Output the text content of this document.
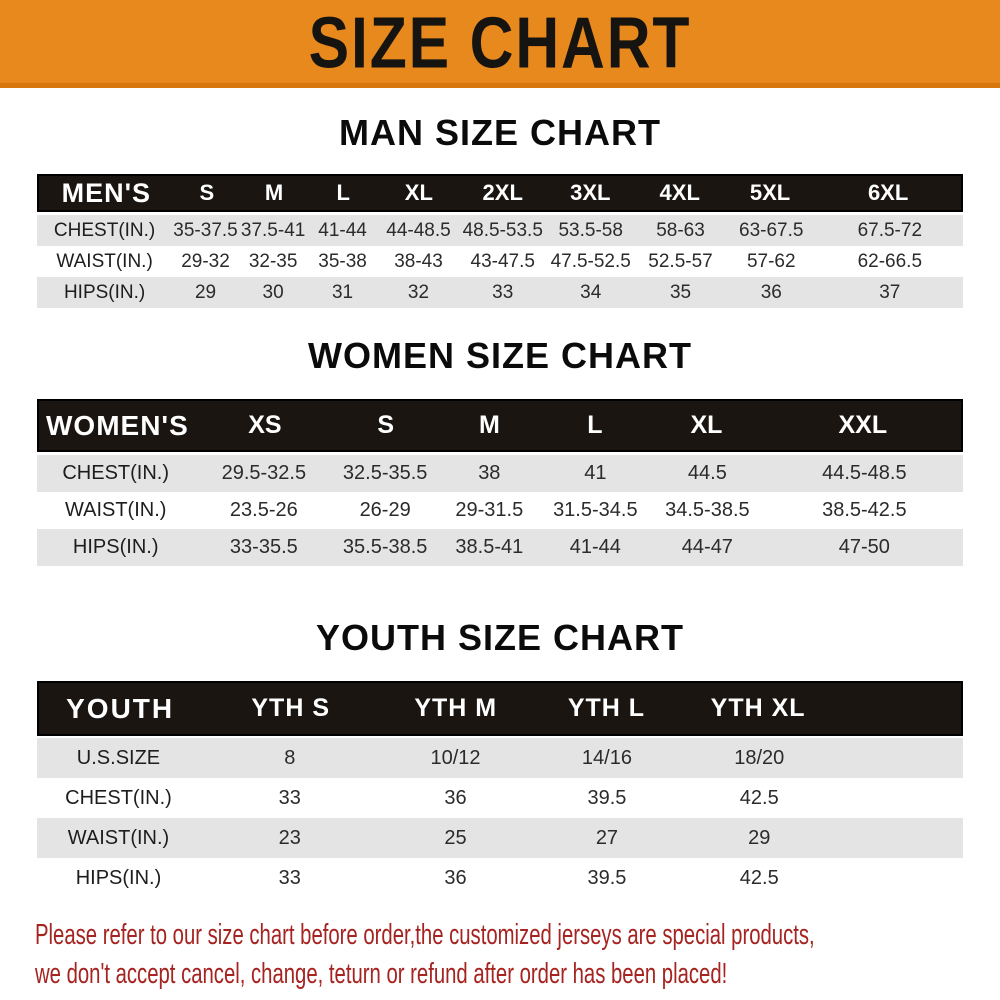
SIZE CHART
MAN SIZE CHART
MEN'S	S	M	L	XL	2XL	3XL	4XL	5XL	6XL
CHEST(IN.) 35-37.5 37.5-41 41-44	44-48.5 48.5-53.5 53.5-58	58-63	63-67.5	67.5-72
WAIST(IN.)	29-32 32-35	35-38	38-43	43-47.5 47.5-52.5 52.5-57	57-62	62-66.5
HIPS(IN.)	29	30	31	32	33	34	35	36	37
WOMEN SIZE CHART
WOMEN'S	XS	S	M	L	XL	XXL
CHEST(IN.)	29.5-32.5	32.5-35.5	38	41	44.5	44.5-48.5
WAIST(IN.)	23.5-26	26-29	29-31.5	31.5-34.5	34.5-38.5	38.5-42.5
HIPS(IN.)	33-35.5	35.5-38.5	38.5-41	41-44	44-47	47-50
YOUTH SIZE CHART
YOUTH	YTH S	YTH M	YTH L	YTH XL
U.S.SIZE	8	10/12	14/16	18/20
CHEST(IN.)	33	36	39.5	42.5
WAIST(IN.)	23	25	27	29
HIPS(IN.)	33	36	39.5	42.5
Please refer to our size chart before order,the customized jerseys are special products,
we don't accept cancel, change, teturn or refund after order has been placed!
